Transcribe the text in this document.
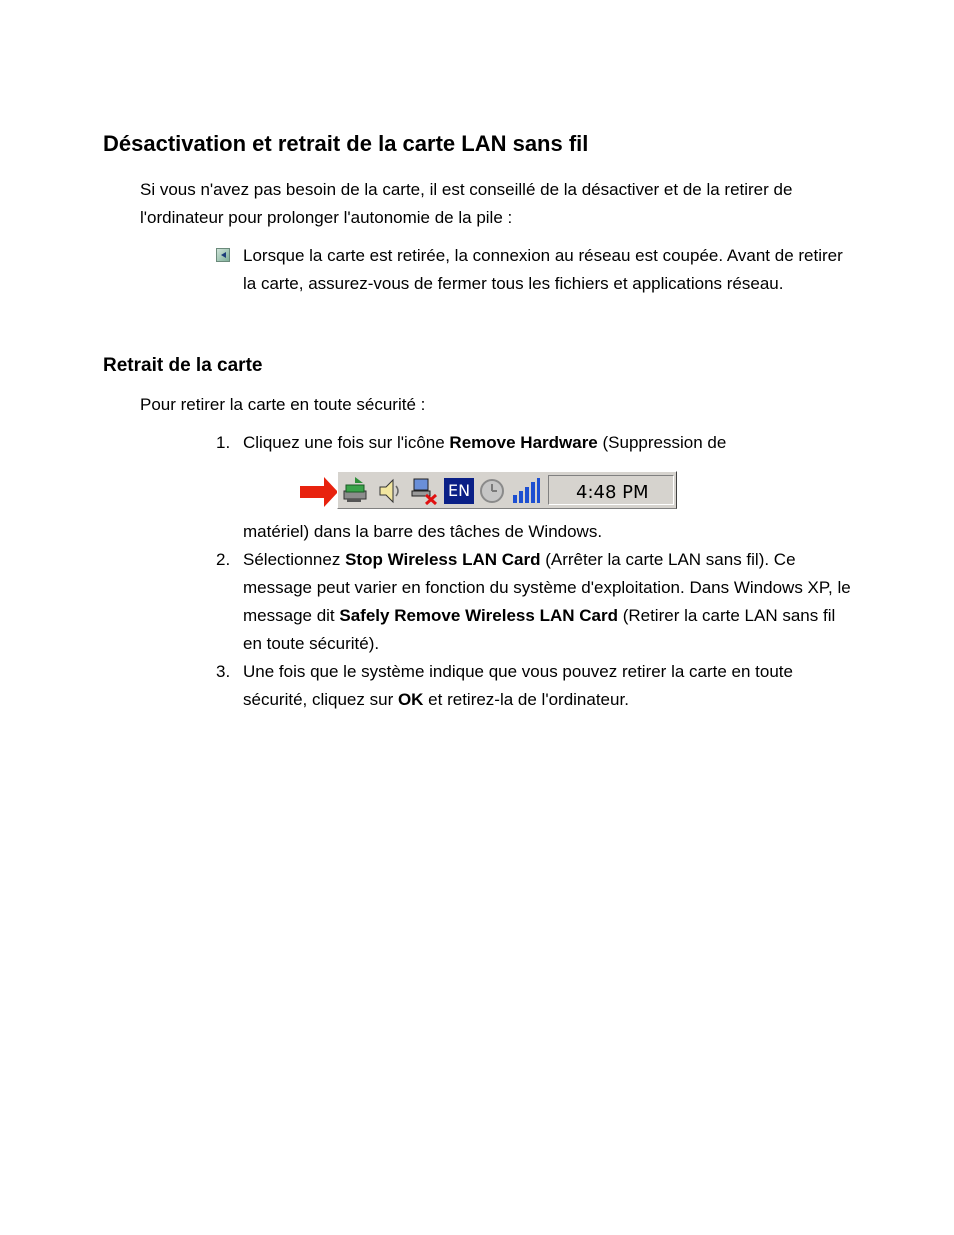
Désactivation et retrait de la carte LAN sans fil

Si vous n'avez pas besoin de la carte, il est conseillé de la désactiver et de la retirer de l'ordinateur pour prolonger l'autonomie de la pile :

Lorsque la carte est retirée, la connexion au réseau est coupée. Avant de retirer la carte, assurez-vous de fermer tous les fichiers et applications réseau.
Retrait de la carte

Pour retirer la carte en toute sécurité :

1. Cliquez une fois sur l'icône Remove Hardware (Suppression de
EN	4:48 PM
matériel) dans la barre des tâches de Windows.
2. Sélectionnez Stop Wireless LAN Card (Arrêter la carte LAN sans fil). Ce message peut varier en fonction du système d'exploitation. Dans Windows XP, le message dit Safely Remove Wireless LAN Card (Retirer la carte LAN sans fil en toute sécurité).
3. Une fois que le système indique que vous pouvez retirer la carte en toute sécurité, cliquez sur OK et retirez-la de l'ordinateur.
